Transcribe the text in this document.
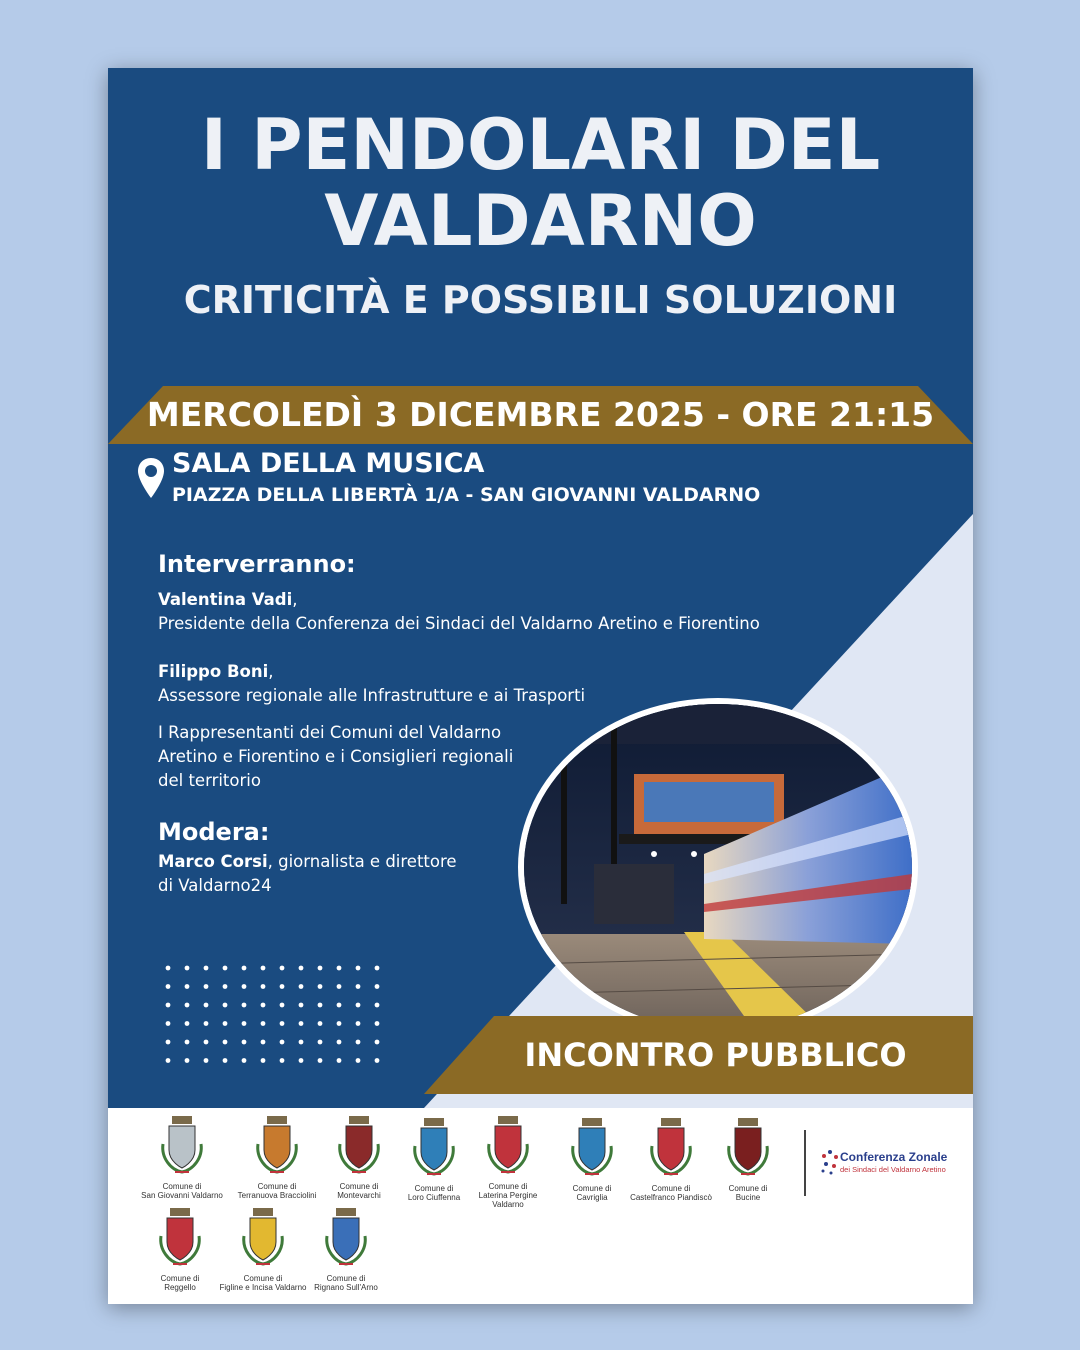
I PENDOLARI DEL
VALDARNO
CRITICITÀ E POSSIBILI SOLUZIONI
MERCOLEDÌ 3 DICEMBRE 2025 - ORE 21:15
SALA DELLA MUSICA
PIAZZA DELLA LIBERTÀ 1/A - SAN GIOVANNI VALDARNO
Interverranno:
Valentina Vadi,
Presidente della Conferenza dei Sindaci del Valdarno Aretino e Fiorentino
Filippo Boni,
Assessore regionale alle Infrastrutture e ai Trasporti
I Rappresentanti dei Comuni del Valdarno
Aretino e Fiorentino e i Consiglieri regionali
del territorio
Modera:
Marco Corsi, giornalista e direttore
di Valdarno24
INCONTRO PUBBLICO
Comune di
San Giovanni Valdarno
Comune di
Terranuova Bracciolini
Comune di
Montevarchi
Comune di
Loro Ciuffenna
Comune di
Laterina Pergine
Valdarno
Comune di
Cavriglia
Comune di
Castelfranco Piandiscò
Comune di
Bucine
Comune di
Reggello
Comune di
Figline e Incisa Valdarno
Comune di
Rignano Sull'Arno
Conferenza Zonale
dei Sindaci del Valdarno Aretino
